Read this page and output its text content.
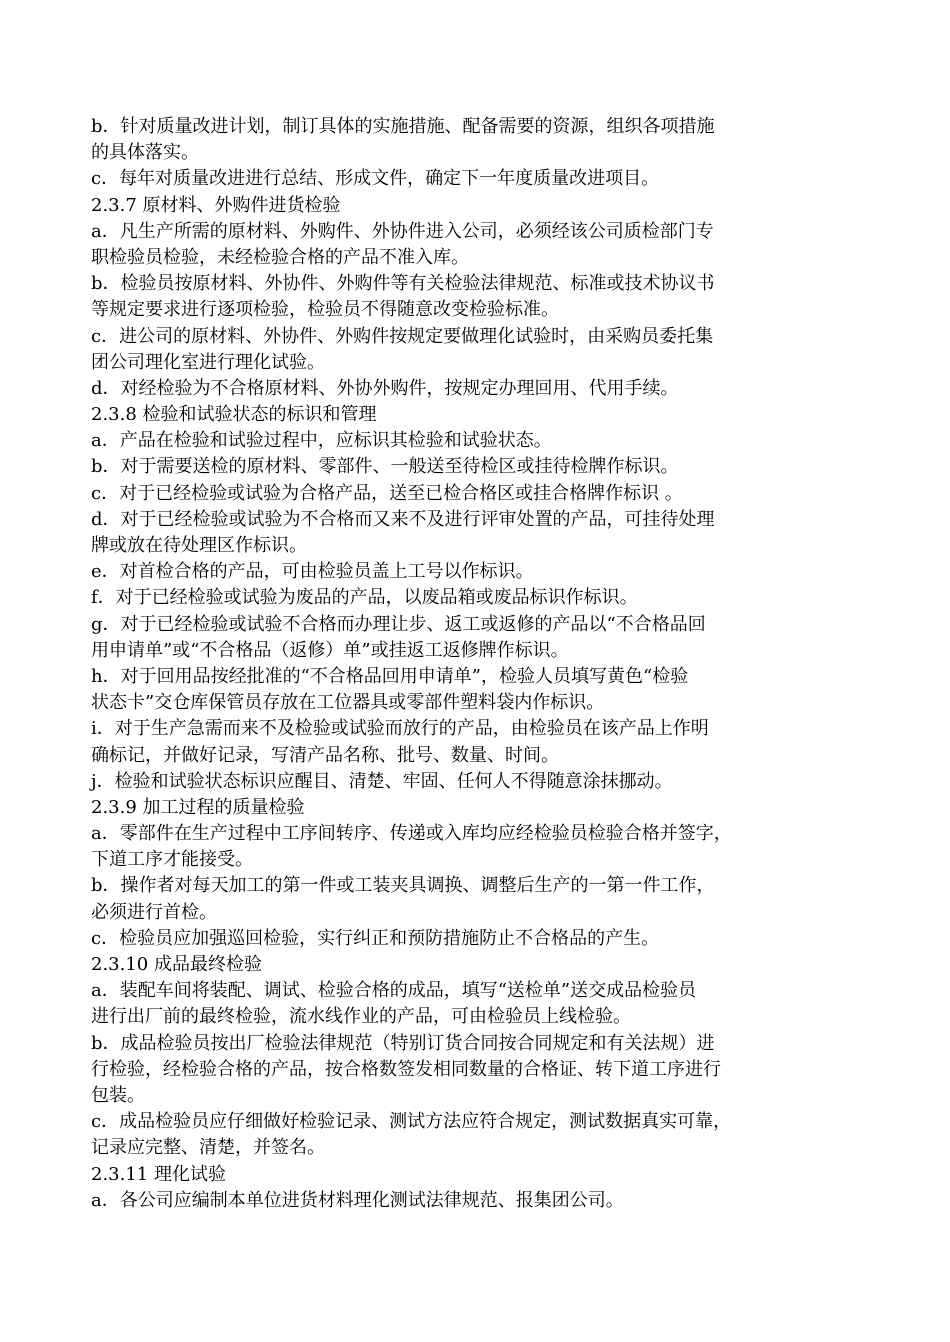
b．针对质量改进计划，制订具体的实施措施、配备需要的资源，组织各项措施
的具体落实。
c．每年对质量改进进行总结、形成文件，确定下一年度质量改进项目。
2.3.7 原材料、外购件进货检验
a．凡生产所需的原材料、外购件、外协件进入公司，必须经该公司质检部门专
职检验员检验，未经检验合格的产品不准入库。
b．检验员按原材料、外协件、外购件等有关检验法律规范、标准或技术协议书
等规定要求进行逐项检验，检验员不得随意改变检验标准。
c．进公司的原材料、外协件、外购件按规定要做理化试验时，由采购员委托集
团公司理化室进行理化试验。
d．对经检验为不合格原材料、外协外购件，按规定办理回用、代用手续。
2.3.8 检验和试验状态的标识和管理
a．产品在检验和试验过程中，应标识其检验和试验状态。
b．对于需要送检的原材料、零部件、一般送至待检区或挂待检牌作标识。
c．对于已经检验或试验为合格产品，送至已检合格区或挂合格牌作标识 。
d．对于已经检验或试验为不合格而又来不及进行评审处置的产品，可挂待处理
牌或放在待处理区作标识。
e．对首检合格的产品，可由检验员盖上工号以作标识。
f．对于已经检验或试验为废品的产品，以废品箱或废品标识作标识。
g．对于已经检验或试验不合格而办理让步、返工或返修的产品以“不合格品回
用申请单”或“不合格品（返修）单”或挂返工返修牌作标识。
h．对于回用品按经批准的“不合格品回用申请单”，检验人员填写黄色“检验
状态卡”交仓库保管员存放在工位器具或零部件塑料袋内作标识。
i．对于生产急需而来不及检验或试验而放行的产品，由检验员在该产品上作明
确标记，并做好记录，写清产品名称、批号、数量、时间。
j．检验和试验状态标识应醒目、清楚、牢固、任何人不得随意涂抹挪动。
2.3.9 加工过程的质量检验
a．零部件在生产过程中工序间转序、传递或入库均应经检验员检验合格并签字，
下道工序才能接受。
b．操作者对每天加工的第一件或工装夹具调换、调整后生产的一第一件工作，
必须进行首检。
c．检验员应加强巡回检验，实行纠正和预防措施防止不合格品的产生。
2.3.10 成品最终检验
a．装配车间将装配、调试、检验合格的成品，填写“送检单”送交成品检验员
进行出厂前的最终检验，流水线作业的产品，可由检验员上线检验。
b．成品检验员按出厂检验法律规范（特别订货合同按合同规定和有关法规）进
行检验，经检验合格的产品，按合格数签发相同数量的合格证、转下道工序进行
包装。
c．成品检验员应仔细做好检验记录、测试方法应符合规定，测试数据真实可靠，
记录应完整、清楚，并签名。
2.3.11 理化试验
a．各公司应编制本单位进货材料理化测试法律规范、报集团公司。
